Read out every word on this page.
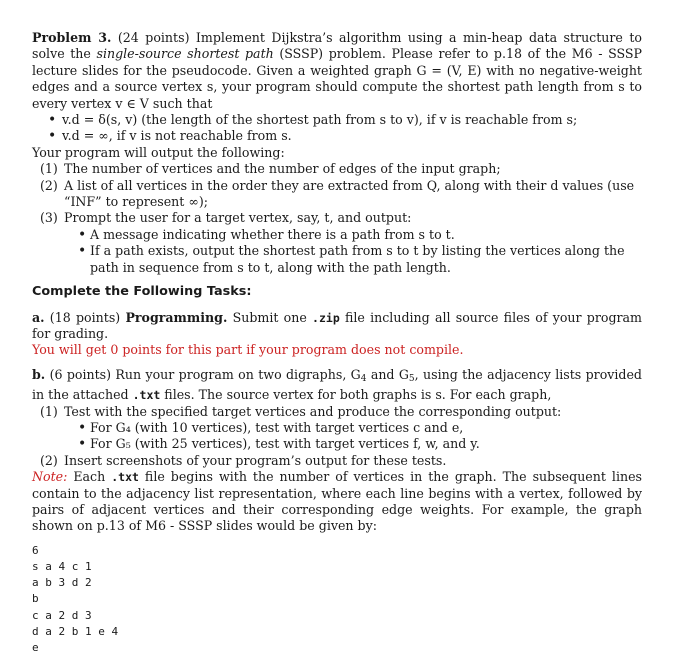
Problem 3. (24 points) Implement Dijkstra’s algorithm using a min-heap data structure to solve the single-source shortest path (SSSP) problem. Please refer to p.18 of the M6 - SSSP lecture slides for the pseudocode. Given a weighted graph G = (V, E) with no negative-weight edges and a source vertex s, your program should compute the shortest path length from s to every vertex v ∈ V such that

• v.d = δ(s, v) (the length of the shortest path from s to v), if v is reachable from s;
• v.d = ∞, if v is not reachable from s.

Your program will output the following:

(1) The number of vertices and the number of edges of the input graph;
(2) A list of all vertices in the order they are extracted from Q, along with their d values (use “INF” to represent ∞);
(3) Prompt the user for a target vertex, say, t, and output:
• A message indicating whether there is a path from s to t.
• If a path exists, output the shortest path from s to t by listing the vertices along the path in sequence from s to t, along with the path length.
Complete the Following Tasks:

a. (18 points) Programming. Submit one .zip file including all source files of your program for grading.
You will get 0 points for this part if your program does not compile.

b. (6 points) Run your program on two digraphs, $G_4$ and $G_5$, using the adjacency lists provided in the attached .txt files. The source vertex for both graphs is s. For each graph,

(1) Test with the specified target vertices and produce the corresponding output:
• For G₄ (with 10 vertices), test with target vertices c and e,
• For G₅ (with 25 vertices), test with target vertices f, w, and y.
(2) Insert screenshots of your program’s output for these tests.

Note: Each .txt file begins with the number of vertices in the graph. The subsequent lines contain to the adjacency list representation, where each line begins with a vertex, followed by pairs of adjacent vertices and their corresponding edge weights. For example, the graph shown on p.13 of M6 - SSSP slides would be given by:

6
s a 4 c 1
a b 3 d 2
b
c a 2 d 3
d a 2 b 1 e 4
e
